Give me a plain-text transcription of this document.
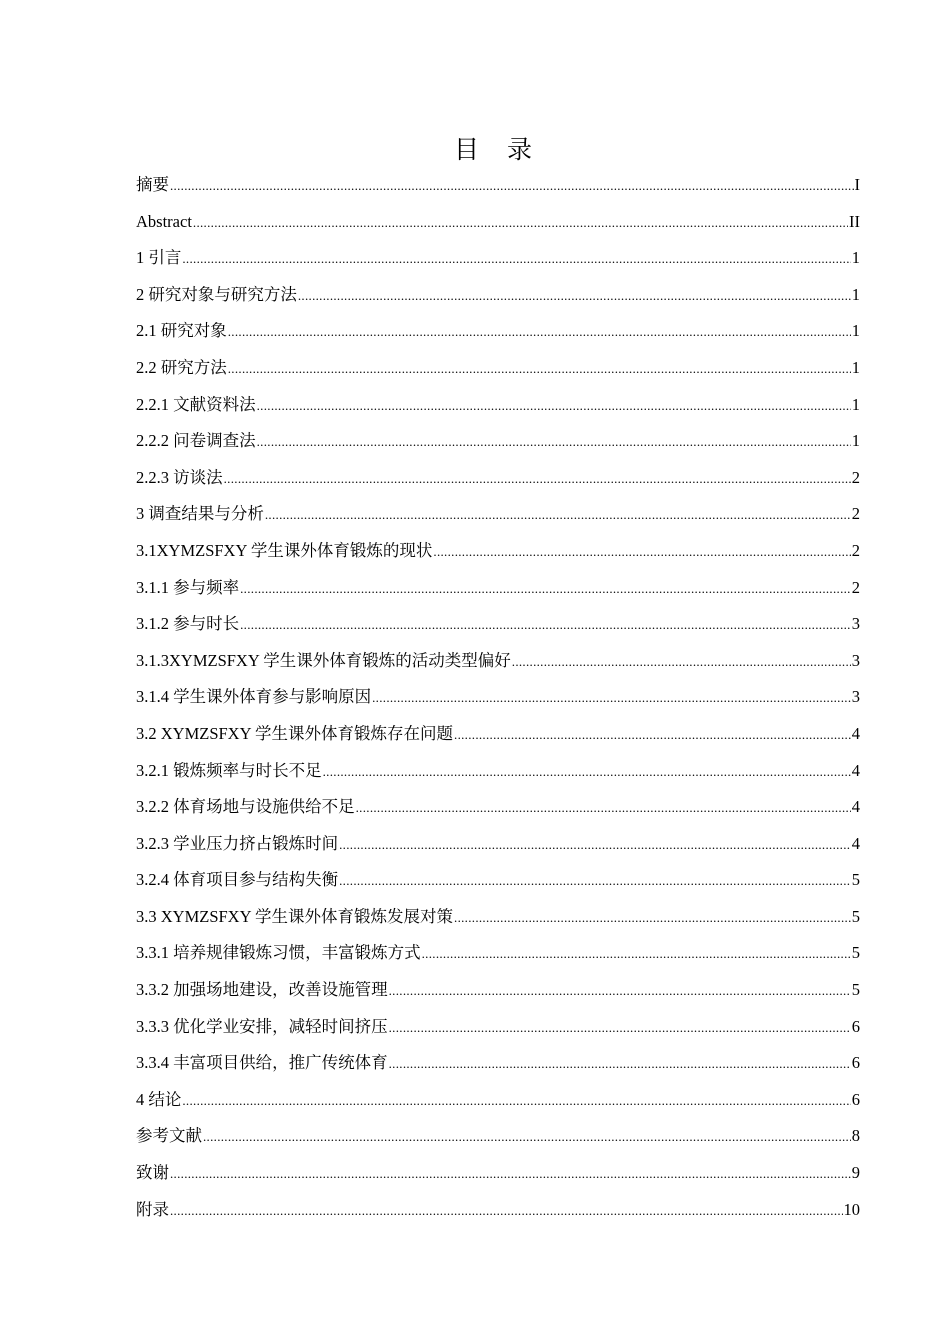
目 录
摘要 .....	I
Abstract .....	II
1 引言 .....	1
2 研究对象与研究方法 .....	1
2.1 研究对象 .....	1
2.2 研究方法 .....	1
2.2.1 文献资料法 .....	1
2.2.2 问卷调查法 .....	1
2.2.3 访谈法 .....	2
3 调查结果与分析 .....	2
3.1XYMZSFXY 学生课外体育锻炼的现状 .....	2
3.1.1 参与频率 .....	2
3.1.2 参与时长 .....	3
3.1.3XYMZSFXY 学生课外体育锻炼的活动类型偏好 .....	3
3.1.4 学生课外体育参与影响原因 .....	3
3.2 XYMZSFXY 学生课外体育锻炼存在问题 .....	4
3.2.1 锻炼频率与时长不足 .....	4
3.2.2 体育场地与设施供给不足 .....	4
3.2.3 学业压力挤占锻炼时间 .....	4
3.2.4 体育项目参与结构失衡 .....	5
3.3 XYMZSFXY 学生课外体育锻炼发展对策 .....	5
3.3.1 培养规律锻炼习惯，丰富锻炼方式 .....	5
3.3.2 加强场地建设，改善设施管理 .....	5
3.3.3 优化学业安排，减轻时间挤压 .....	6
3.3.4 丰富项目供给，推广传统体育 .....	6
4 结论 .....	6
参考文献 .....	8
致谢 .....	9
附录 .....	10
